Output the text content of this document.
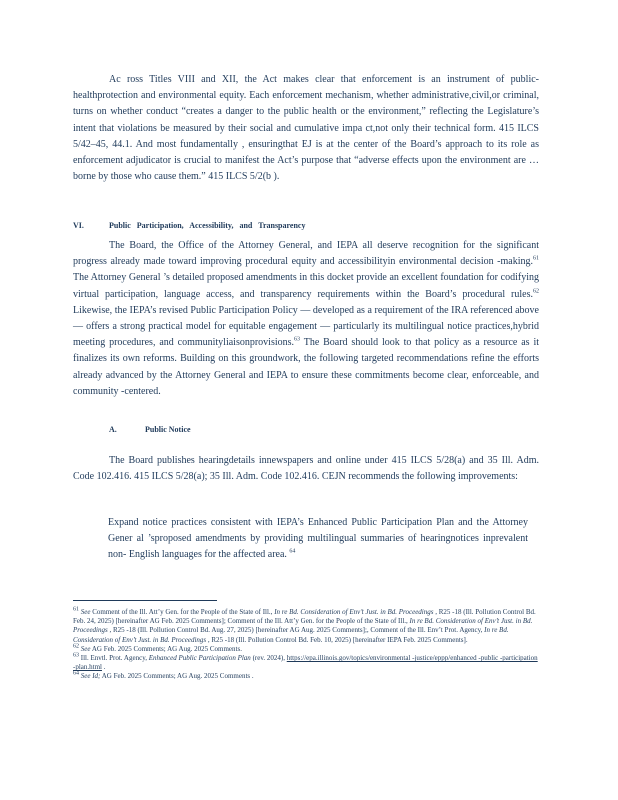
Ac ross Titles VIII and XII, the Act makes clear that enforcement is an instrument of public-healthprotection and environmental equity. Each enforcement mechanism, whether administrative,civil,or criminal, turns on whether conduct “creates a danger to the public health or the environment,” reflecting the Legislature’s intent that violations be measured by their social and cumulative impa ct,not only their technical form. 415 ILCS 5/42–45, 44.1. And most fundamentally , ensuringthat EJ is at the center of the Board’s approach to its role as enforcement adjudicator is crucial to manifest the Act’s purpose that “adverse effects upon the environment are … borne by those who cause them.” 415 ILCS 5/2(b ).

VI.	Public Participation, Accessibility, and Transparency

The Board, the Office of the Attorney General, and IEPA all deserve recognition for the significant progress already made toward improving procedural equity and accessibilityin environmental decision -making.$^{61}$ The Attorney General ’s detailed proposed amendments in this docket provide an excellent foundation for codifying virtual participation, language access, and transparency requirements within the Board’s procedural rules.$^{62}$ Likewise, the IEPA’s revised Public Participation Policy — developed as a requirement of the IRA referenced above — offers a strong practical model for equitable engagement — particularly its multilingual notice practices,hybrid meeting procedures, and communityliaisonprovisions.$^{63}$ The Board should look to that policy as a resource as it finalizes its own reforms. Building on this groundwork, the following targeted recommendations refine the efforts already advanced by the Attorney General and IEPA to ensure these commitments become clear, enforceable, and community -centered.

A.	Public Notice

The Board publishes hearingdetails innewspapers and online under 415 ILCS 5/28(a) and 35 Ill. Adm. Code 102.416. 415 ILCS 5/28(a); 35 Ill. Adm. Code 102.416. CEJN recommends the following improvements:

Expand notice practices consistent with IEPA’s Enhanced Public Participation Plan and the Attorney Gener al ’sproposed amendments by providing multilingual summaries of hearingnotices inprevalent non- English languages for the affected area. $^{64}$

$^{61}$ See Comment of the Ill. Att’y Gen. for the People of the State of Ill., In re Bd. Consideration of Env’t Just. in Bd. Proceedings , R25 -18 (Ill. Pollution Control Bd. Feb. 24, 2025) [hereinafter AG Feb. 2025 Comments]; Comment of the Ill. Att’y Gen. for the People of the State of Ill., In re Bd. Consideration of Env’t Just. in Bd. Proceedings , R25 -18 (Ill. Pollution Control Bd. Aug. 27, 2025) [hereinafter AG Aug. 2025 Comments];, Comment of the Ill. Env’t Prot. Agency, In re Bd. Consideration of Env’t Just. in Bd. Proceedings , R25 -18 (Ill. Pollution Control Bd. Feb. 10, 2025) [hereinafter IEPA Feb. 2025 Comments].

$^{62}$ See AG Feb. 2025 Comments; AG Aug. 2025 Comments.

$^{63}$ Ill. Envtl. Prot. Agency, Enhanced Public Participation Plan (rev. 2024), https://epa.illinois.gov/topics/environmental -justice/eppp/enhanced -public -participation -plan.html .

$^{64}$ See Id; AG Feb. 2025 Comments; AG Aug. 2025 Comments .
